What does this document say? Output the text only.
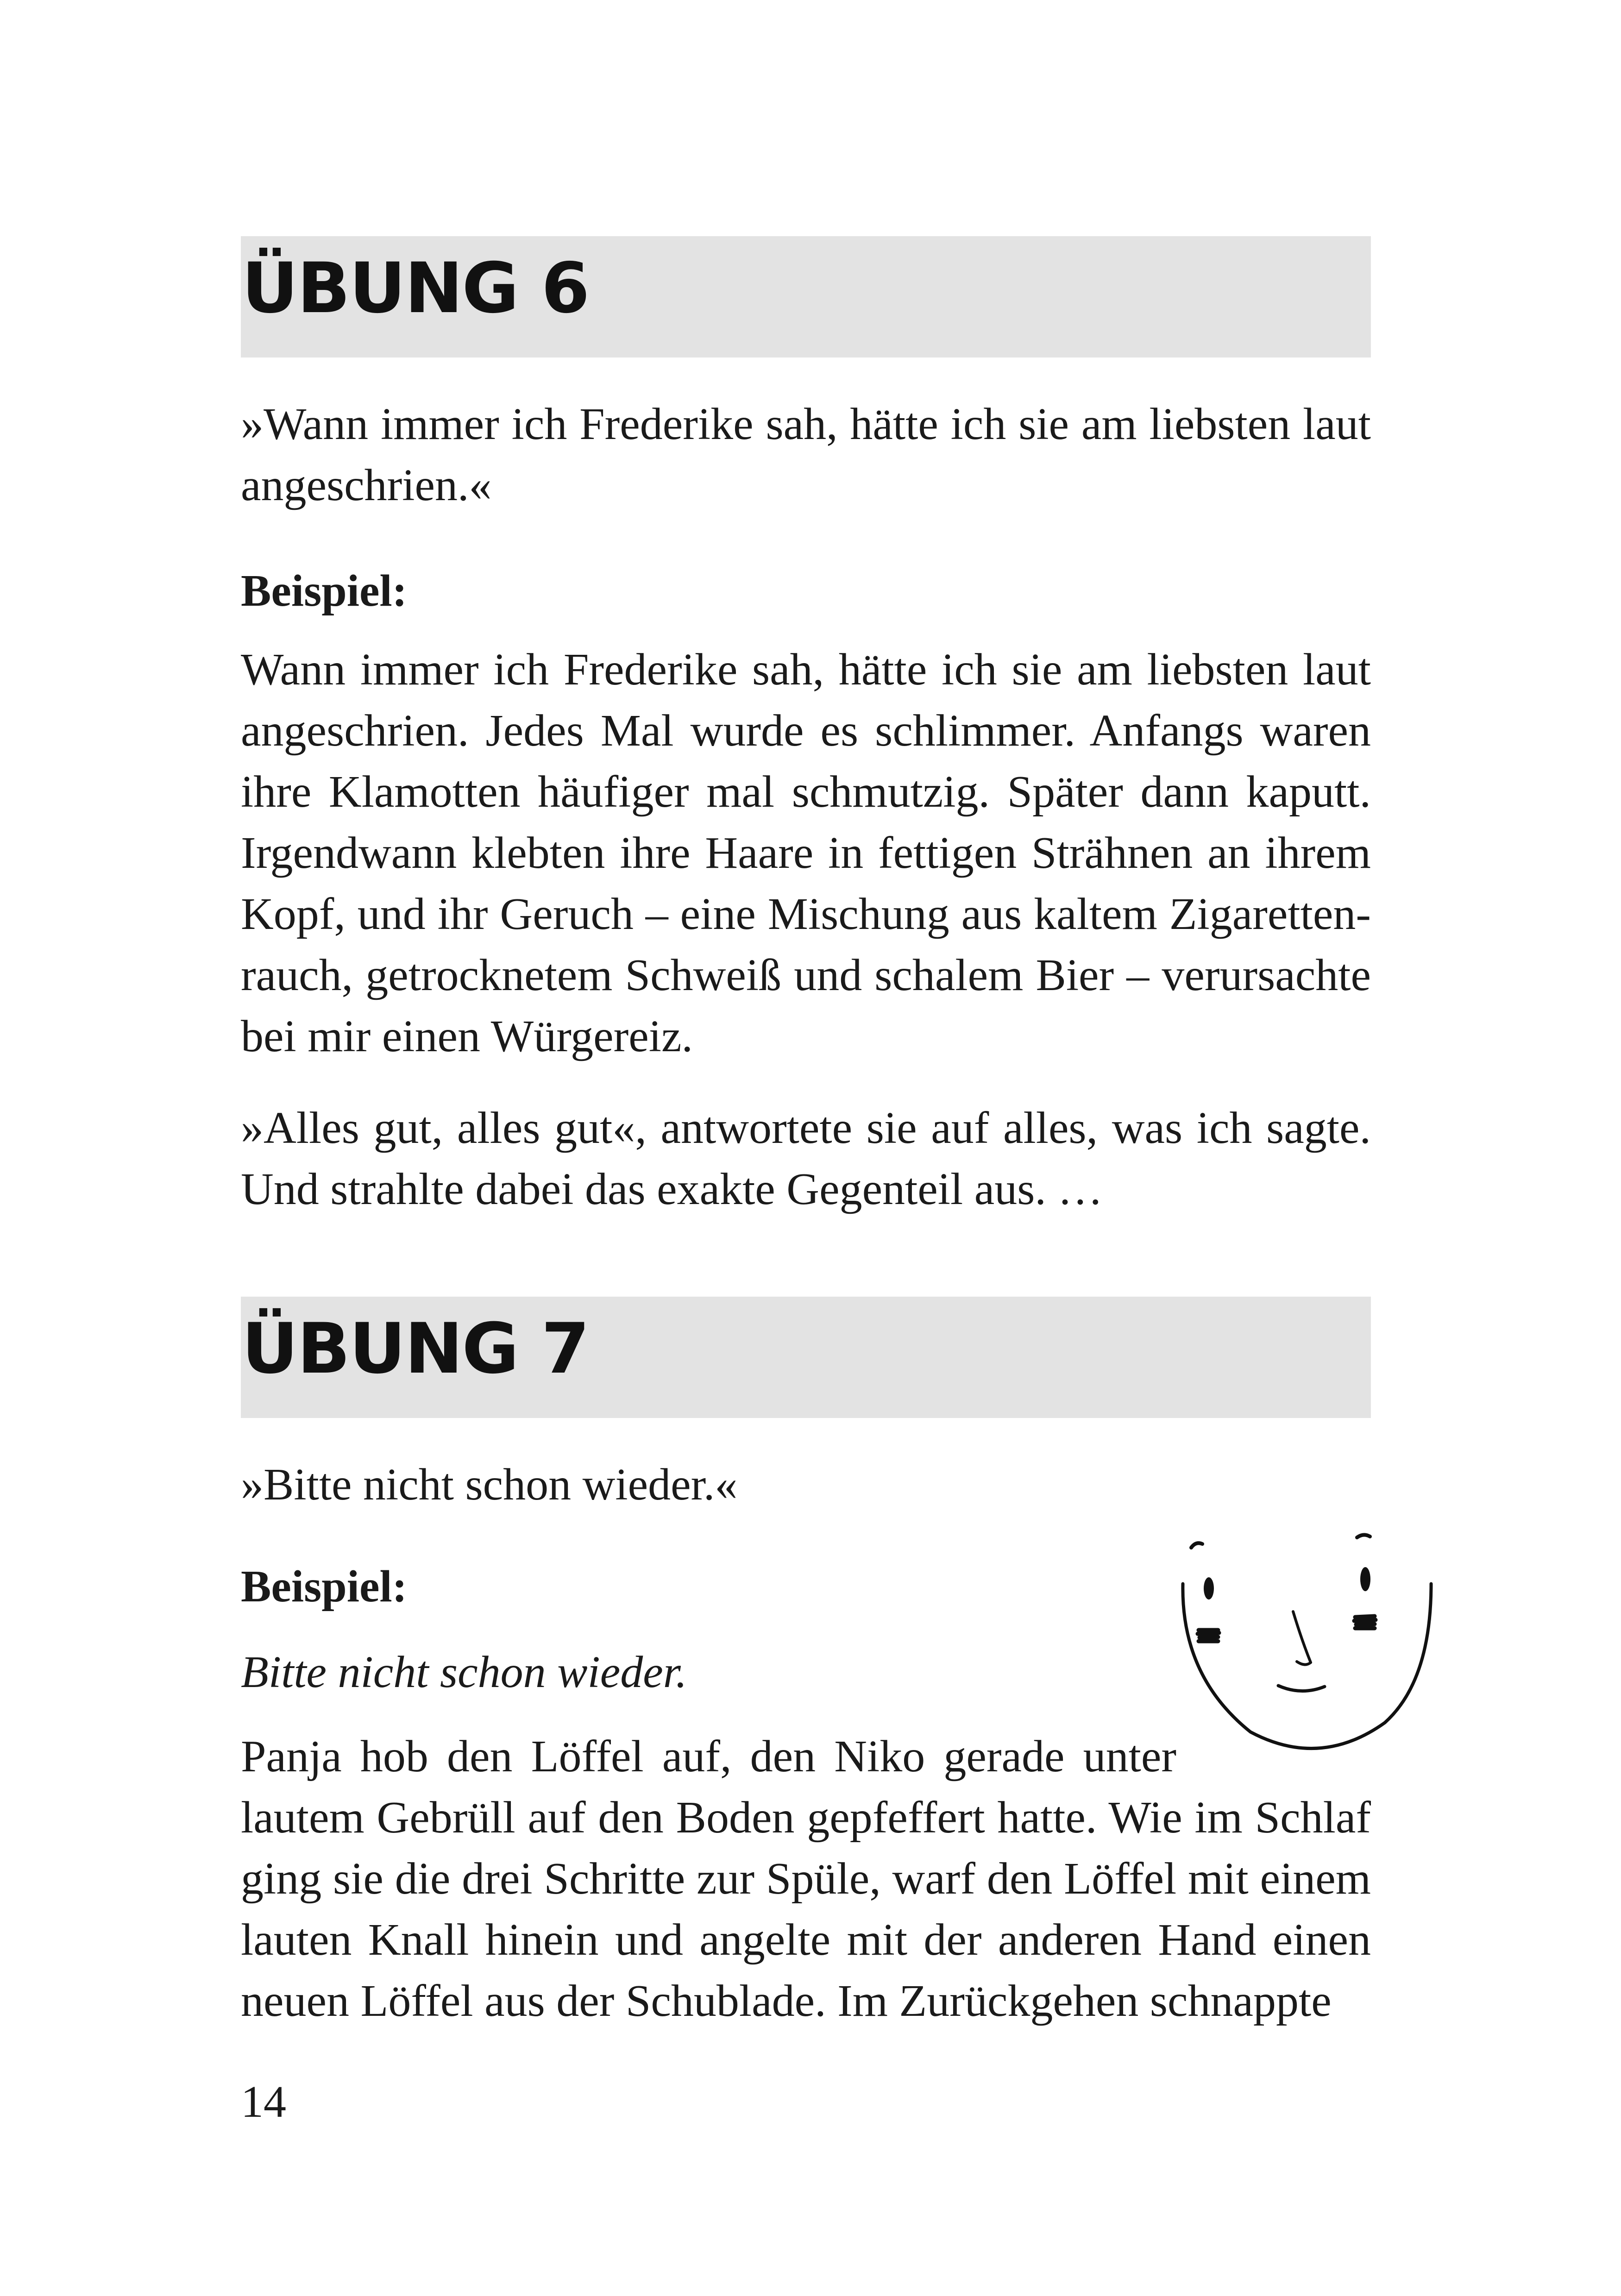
ÜBUNG 6

»Wann immer ich Frederike sah, hätte ich sie am liebsten laut angeschrien.«

Beispiel:

Wann immer ich Frederike sah, hätte ich sie am liebsten laut angeschrien. Jedes Mal wurde es schlimmer. Anfangs waren ihre Klamotten häufiger mal schmutzig. Später dann kaputt. Irgendwann klebten ihre Haare in fettigen Strähnen an ihrem Kopf, und ihr Geruch – eine Mischung aus kaltem Zigarettenrauch, getrocknetem Schweiß und schalem Bier – verursachte bei mir einen Würgereiz.

»Alles gut, alles gut«, antwortete sie auf alles, was ich sagte. Und strahlte dabei das exakte Gegenteil aus. …

ÜBUNG 7
»Bitte nicht schon wieder.«
Beispiel:
Bitte nicht schon wieder.
Panja hob den Löffel auf, den Niko gerade unter

lautem Gebrüll auf den Boden gepfeffert hatte. Wie im Schlaf ging sie die drei Schritte zur Spüle, warf den Löffel mit einem lauten Knall hinein und angelte mit der anderen Hand einen neuen Löffel aus der Schublade. Im Zurückgehen schnappte

14
